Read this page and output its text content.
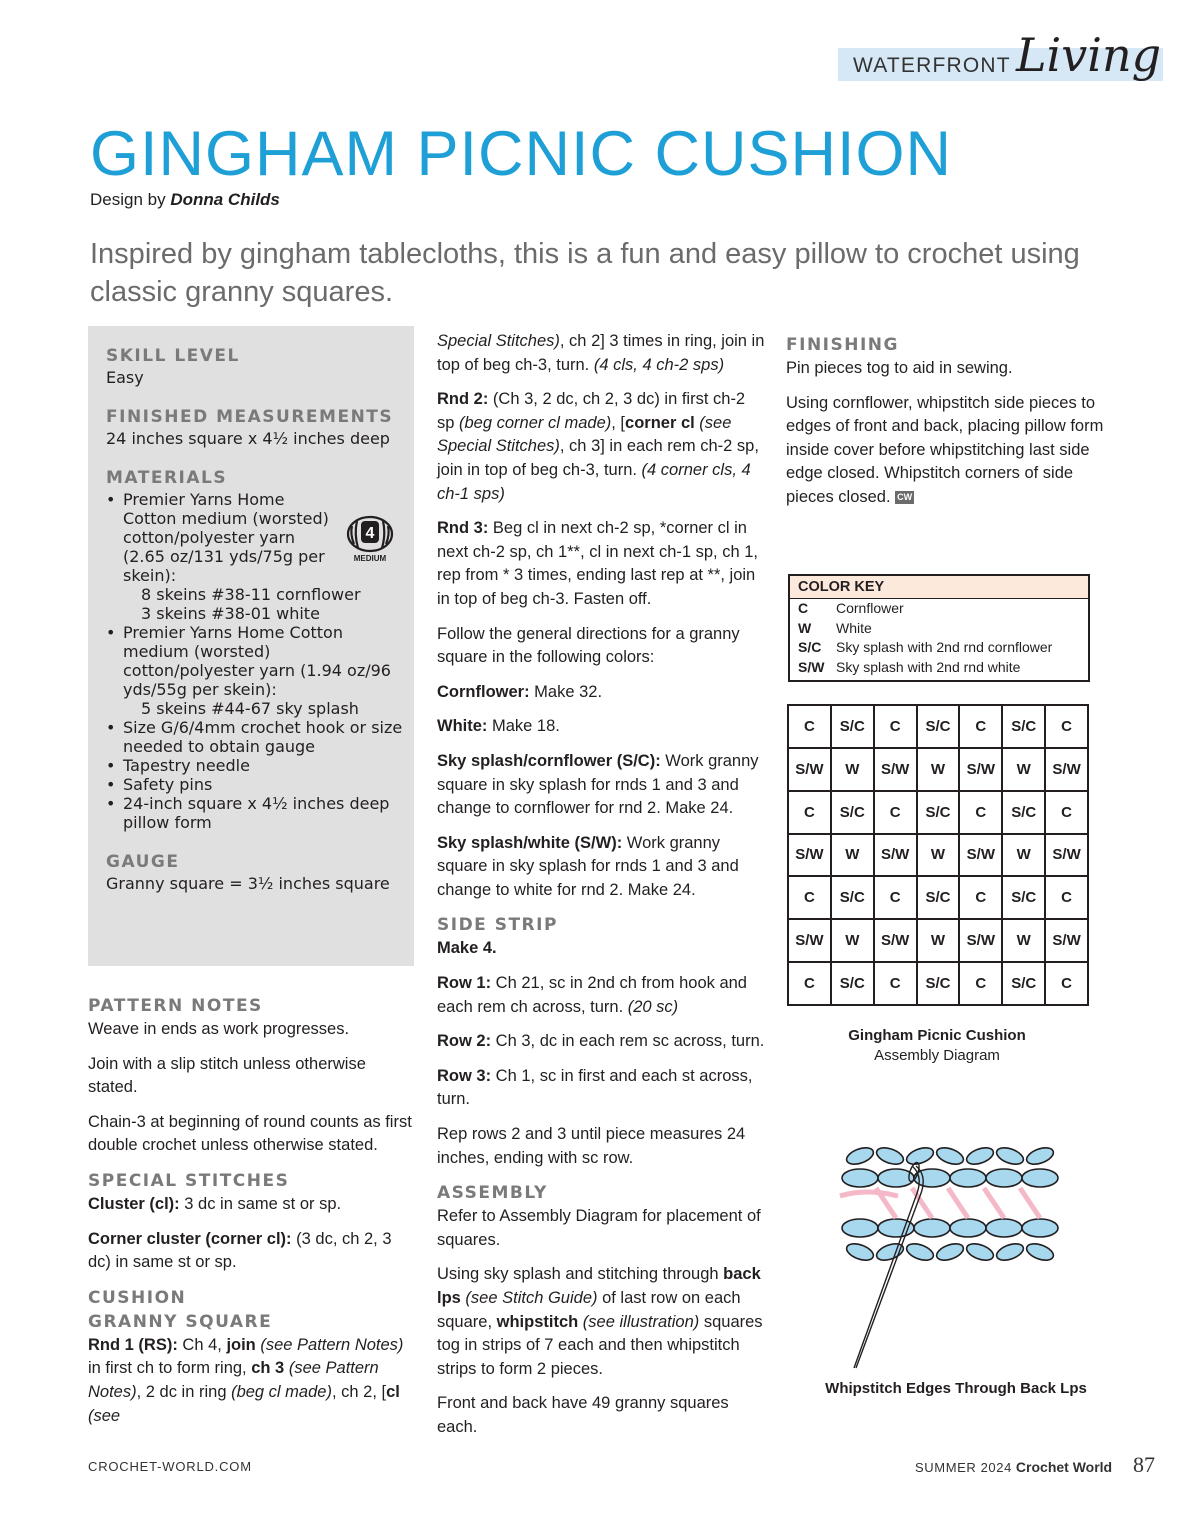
WATERFRONT Living
GINGHAM PICNIC CUSHION
Design by Donna Childs
Inspired by gingham tablecloths, this is a fun and easy pillow to crochet using classic granny squares.
SKILL LEVEL
Easy
FINISHED MEASUREMENTS
24 inches square x 4½ inches deep
MATERIALS
• Premier Yarns Home Cotton medium (worsted) cotton/polyester yarn (2.65 oz/131 yds/75g per skein):
8 skeins #38-11 cornflower
3 skeins #38-01 white
• Premier Yarns Home Cotton medium (worsted) cotton/polyester yarn (1.94 oz/96 yds/55g per skein):
5 skeins #44-67 sky splash
• Size G/6/4mm crochet hook or size needed to obtain gauge
• Tapestry needle
• Safety pins
• 24-inch square x 4½ inches deep pillow form
GAUGE
Granny square = 3½ inches square
4
MEDIUM
PATTERN NOTES

Weave in ends as work progresses.

Join with a slip stitch unless otherwise stated.

Chain-3 at beginning of round counts as first double crochet unless otherwise stated.

SPECIAL STITCHES

Cluster (cl): 3 dc in same st or sp.

Corner cluster (corner cl): (3 dc, ch 2, 3 dc) in same st or sp.

CUSHION
GRANNY SQUARE

Rnd 1 (RS): Ch 4, join (see Pattern Notes) in first ch to form ring, ch 3 (see Pattern Notes), 2 dc in ring (beg cl made), ch 2, [cl (see

Special Stitches), ch 2] 3 times in ring, join in top of beg ch-3, turn. (4 cls, 4 ch-2 sps)

Rnd 2: (Ch 3, 2 dc, ch 2, 3 dc) in first ch-2 sp (beg corner cl made), [corner cl (see Special Stitches), ch 3] in each rem ch-2 sp, join in top of beg ch-3, turn. (4 corner cls, 4 ch-1 sps)

Rnd 3: Beg cl in next ch-2 sp, *corner cl in next ch-2 sp, ch 1**, cl in next ch-1 sp, ch 1, rep from * 3 times, ending last rep at **, join in top of beg ch-3. Fasten off.

Follow the general directions for a granny square in the following colors:

Cornflower: Make 32.

White: Make 18.

Sky splash/cornflower (S/C): Work granny square in sky splash for rnds 1 and 3 and change to cornflower for rnd 2. Make 24.

Sky splash/white (S/W): Work granny square in sky splash for rnds 1 and 3 and change to white for rnd 2. Make 24.

SIDE STRIP

Make 4.

Row 1: Ch 21, sc in 2nd ch from hook and each rem ch across, turn. (20 sc)

Row 2: Ch 3, dc in each rem sc across, turn.

Row 3: Ch 1, sc in first and each st across, turn.

Rep rows 2 and 3 until piece measures 24 inches, ending with sc row.

ASSEMBLY

Refer to Assembly Diagram for placement of squares.

Using sky splash and stitching through back lps (see Stitch Guide) of last row on each square, whipstitch (see illustration) squares tog in strips of 7 each and then whipstitch strips to form 2 pieces.

Front and back have 49 granny squares each.

FINISHING

Pin pieces tog to aid in sewing.

Using cornflower, whipstitch side pieces to edges of front and back, placing pillow form inside cover before whipstitching last side edge closed. Whipstitch corners of side pieces closed. CW

COLOR KEY
C	Cornflower
W	White
S/C	Sky splash with 2nd rnd cornflower
S/W Sky splash with 2nd rnd white
C	S/C	C	S/C	C	S/C	C
S/W	W	S/W	W	S/W	W	S/W
C	S/C	C	S/C	C	S/C	C
S/W	W	S/W	W	S/W	W	S/W
C	S/C	C	S/C	C	S/C	C
S/W	W	S/W	W	S/W	W	S/W
C	S/C	C	S/C	C	S/C	C
Gingham Picnic Cushion
Assembly Diagram
Whipstitch Edges Through Back Lps
CROCHET-WORLD.COM	SUMMER 2024 Crochet World 87
